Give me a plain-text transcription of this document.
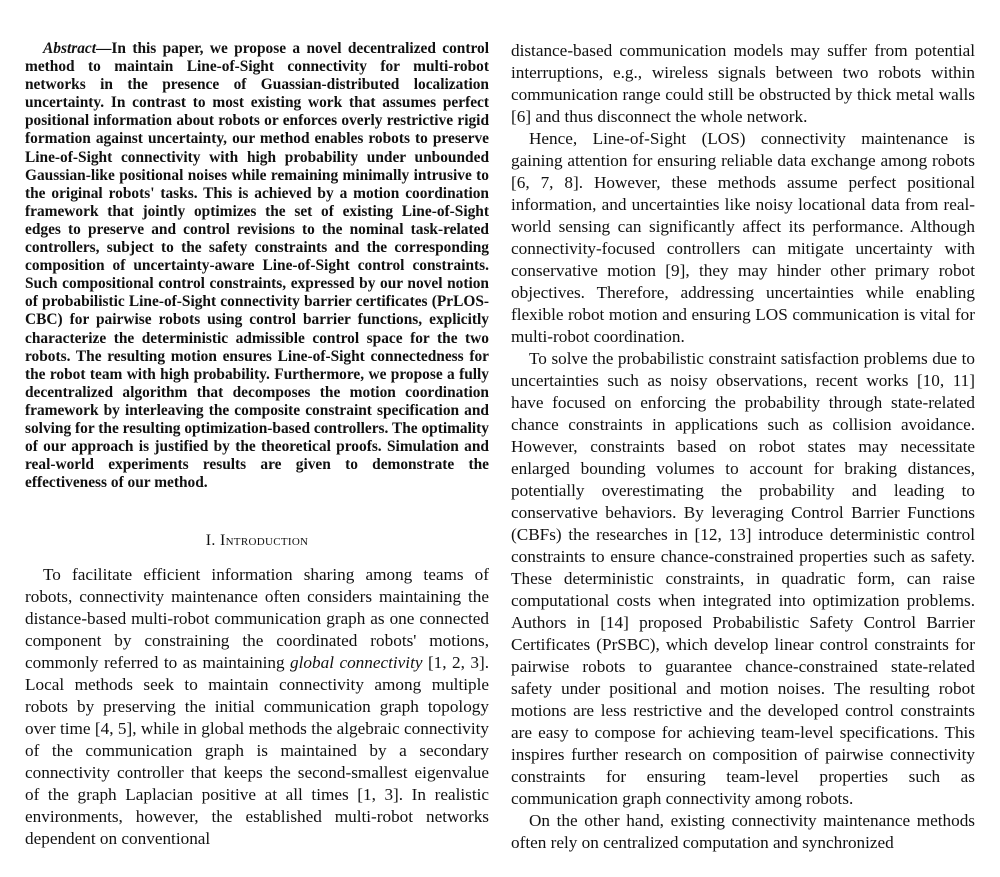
Abstract—In this paper, we propose a novel decentralized control method to maintain Line-of-Sight connectivity for multi-robot networks in the presence of Guassian-distributed localization uncertainty. In contrast to most existing work that assumes perfect positional information about robots or enforces overly restrictive rigid formation against uncertainty, our method enables robots to preserve Line-of-Sight connectivity with high probability under unbounded Gaussian-like positional noises while remaining minimally intrusive to the original robots' tasks. This is achieved by a motion coordination framework that jointly optimizes the set of existing Line-of-Sight edges to preserve and control revisions to the nominal task-related controllers, subject to the safety constraints and the corresponding composition of uncertainty-aware Line-of-Sight control constraints. Such compositional control constraints, expressed by our novel notion of probabilistic Line-of-Sight connectivity barrier certificates (PrLOS-CBC) for pairwise robots using control barrier functions, explicitly characterize the deterministic admissible control space for the two robots. The resulting motion ensures Line-of-Sight connectedness for the robot team with high probability. Furthermore, we propose a fully decentralized algorithm that decomposes the motion coordination framework by interleaving the composite constraint specification and solving for the resulting optimization-based controllers. The optimality of our approach is justified by the theoretical proofs. Simulation and real-world experiments results are given to demonstrate the effectiveness of our method.

I. Introduction

To facilitate efficient information sharing among teams of robots, connectivity maintenance often considers maintaining the distance-based multi-robot communication graph as one connected component by constraining the coordinated robots' motions, commonly referred to as maintaining global connectivity [1, 2, 3]. Local methods seek to maintain connectivity among multiple robots by preserving the initial communication graph topology over time [4, 5], while in global methods the algebraic connectivity of the communication graph is maintained by a secondary connectivity controller that keeps the second-smallest eigenvalue of the graph Laplacian positive at all times [1, 3]. In realistic environments, however, the established multi-robot networks dependent on conventional

distance-based communication models may suffer from potential interruptions, e.g., wireless signals between two robots within communication range could still be obstructed by thick metal walls [6] and thus disconnect the whole network.

Hence, Line-of-Sight (LOS) connectivity maintenance is gaining attention for ensuring reliable data exchange among robots [6, 7, 8]. However, these methods assume perfect positional information, and uncertainties like noisy locational data from real-world sensing can significantly affect its performance. Although connectivity-focused controllers can mitigate uncertainty with conservative motion [9], they may hinder other primary robot objectives. Therefore, addressing uncertainties while enabling flexible robot motion and ensuring LOS communication is vital for multi-robot coordination.

To solve the probabilistic constraint satisfaction problems due to uncertainties such as noisy observations, recent works [10, 11] have focused on enforcing the probability through state-related chance constraints in applications such as collision avoidance. However, constraints based on robot states may necessitate enlarged bounding volumes to account for braking distances, potentially overestimating the probability and leading to conservative behaviors. By leveraging Control Barrier Functions (CBFs) the researches in [12, 13] introduce deterministic control constraints to ensure chance-constrained properties such as safety. These deterministic constraints, in quadratic form, can raise computational costs when integrated into optimization problems. Authors in [14] proposed Probabilistic Safety Control Barrier Certificates (PrSBC), which develop linear control constraints for pairwise robots to guarantee chance-constrained state-related safety under positional and motion noises. The resulting robot motions are less restrictive and the developed control constraints are easy to compose for achieving team-level specifications. This inspires further research on composition of pairwise connectivity constraints for ensuring team-level properties such as communication graph connectivity among robots.

On the other hand, existing connectivity maintenance methods often rely on centralized computation and synchronized
